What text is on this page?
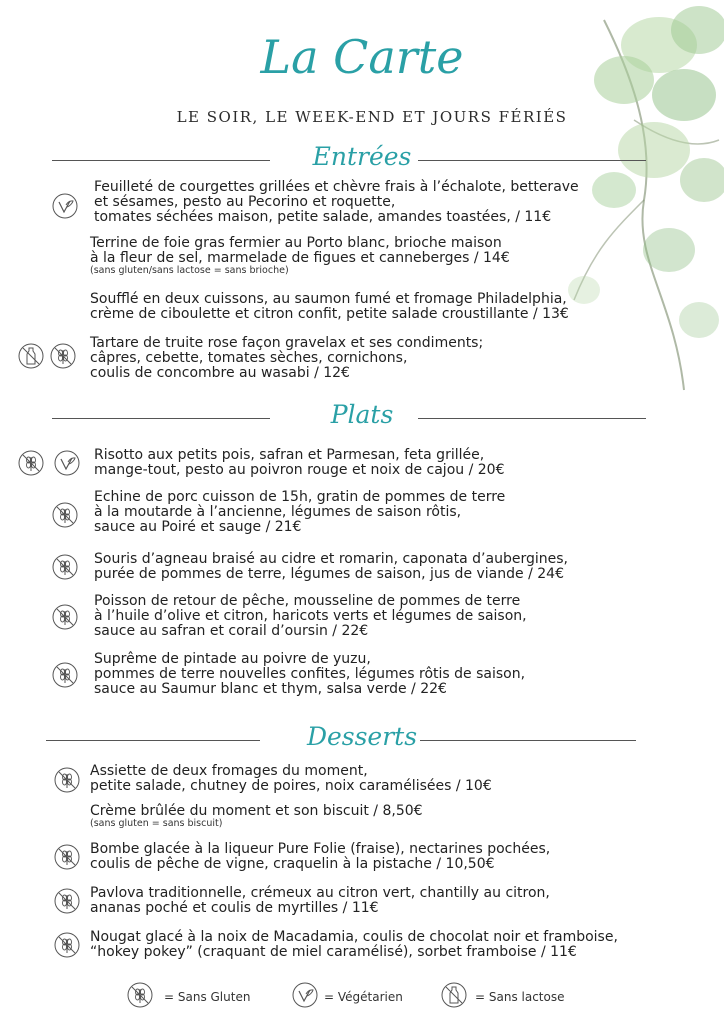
La Carte
LE SOIR, LE WEEK-END ET JOURS FÉRIÉS
Entrées
Feuilleté de courgettes grillées et chèvre frais à l’échalote, betterave
et sésames, pesto au Pecorino et roquette,
tomates séchées maison, petite salade, amandes toastées, / 11€
Terrine de foie gras fermier au Porto blanc, brioche maison
à la fleur de sel, marmelade de figues et canneberges / 14€
(sans gluten/sans lactose = sans brioche)
Soufflé en deux cuissons, au saumon fumé et fromage Philadelphia,
crème de ciboulette et citron confit, petite salade croustillante / 13€
Tartare de truite rose façon gravelax et ses condiments;
câpres, cebette, tomates sèches, cornichons,
coulis de concombre au wasabi / 12€
Plats
Risotto aux petits pois, safran et Parmesan, feta grillée,
mange-tout, pesto au poivron rouge et noix de cajou / 20€
Echine de porc cuisson de 15h, gratin de pommes de terre
à la moutarde à l’ancienne, légumes de saison rôtis,
sauce au Poiré et sauge / 21€
Souris d’agneau braisé au cidre et romarin, caponata d’aubergines,
purée de pommes de terre, légumes de saison, jus de viande / 24€
Poisson de retour de pêche, mousseline de pommes de terre
à l’huile d’olive et citron, haricots verts et légumes de saison,
sauce au safran et corail d’oursin / 22€
Suprême de pintade au poivre de yuzu,
pommes de terre nouvelles confites, légumes rôtis de saison,
sauce au Saumur blanc et thym, salsa verde / 22€
Desserts
Assiette de deux fromages du moment,
petite salade, chutney de poires, noix caramélisées / 10€
Crème brûlée du moment et son biscuit / 8,50€
(sans gluten = sans biscuit)
Bombe glacée à la liqueur Pure Folie (fraise), nectarines pochées,
coulis de pêche de vigne, craquelin à la pistache / 10,50€
Pavlova traditionnelle, crémeux au citron vert, chantilly au citron,
ananas poché et coulis de myrtilles / 11€
Nougat glacé à la noix de Macadamia, coulis de chocolat noir et framboise,
“hokey pokey” (craquant de miel caramélisé), sorbet framboise / 11€
= Sans Gluten	= Végétarien	= Sans lactose
